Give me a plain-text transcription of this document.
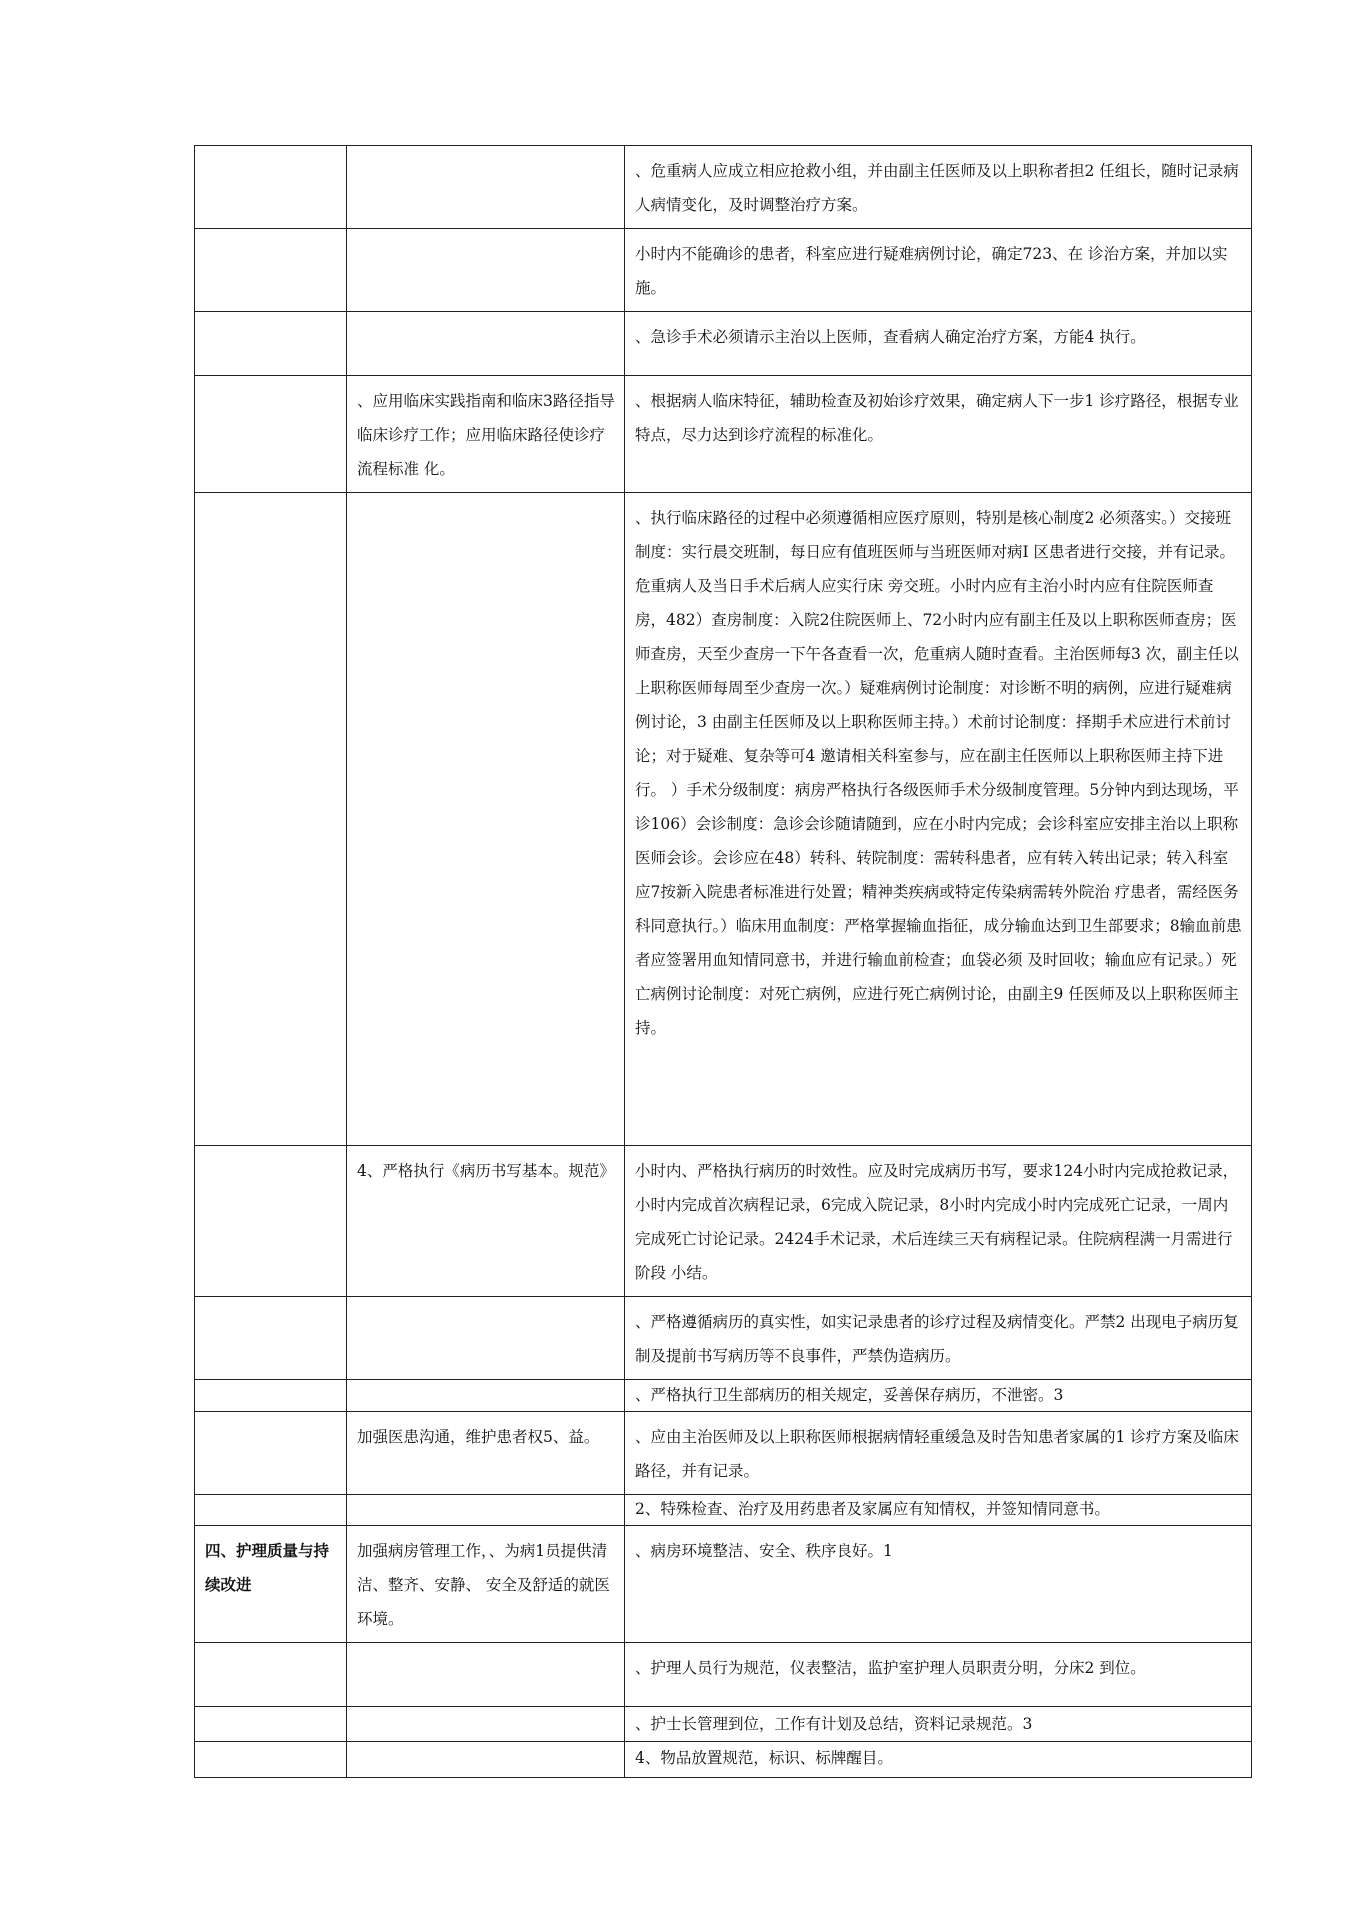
		、危重病人应成立相应抢救小组，并由副主任医师及以上职称者担2 任组长，随时记录病人病情变化，及时调整治疗方案。
		小时内不能确诊的患者，科室应进行疑难病例讨论，确定723、在 诊治方案，并加以实施。
		、急诊手术必须请示主治以上医师，查看病人确定治疗方案，方能4 执行。
	、应用临床实践指南和临床3路径指导临床诊疗工作；应用临床路径使诊疗流程标准 化。	、根据病人临床特征，辅助检查及初始诊疗效果，确定病人下一步1 诊疗路径，根据专业特点，尽力达到诊疗流程的标准化。
		、执行临床路径的过程中必须遵循相应医疗原则，特别是核心制度2 必须落实。）交接班制度：实行晨交班制，每日应有值班医师与当班医师对病I 区患者进行交接，并有记录。危重病人及当日手术后病人应实行床 旁交班。小时内应有主治小时内应有住院医师查房，482）查房制度：入院2住院医师上、72小时内应有副主任及以上职称医师查房；医师查房，天至少查房一下午各查看一次，危重病人随时查看。主治医师每3 次，副主任以上职称医师每周至少查房一次。）疑难病例讨论制度：对诊断不明的病例，应进行疑难病例讨论，3 由副主任医师及以上职称医师主持。）术前讨论制度：择期手术应进行术前讨论；对于疑难、复杂等可4 邀请相关科室参与，应在副主任医师以上职称医师主持下进行。 ）手术分级制度：病房严格执行各级医师手术分级制度管理。5分钟内到达现场，平诊106）会诊制度：急诊会诊随请随到，应在小时内完成；会诊科室应安排主治以上职称医师会诊。会诊应在48）转科、转院制度：需转科患者，应有转入转出记录；转入科室应7按新入院患者标准进行处置；精神类疾病或特定传染病需转外院治 疗患者，需经医务科同意执行。）临床用血制度：严格掌握输血指征，成分输血达到卫生部要求；8输血前患者应签署用血知情同意书，并进行输血前检查；血袋必须 及时回收；输血应有记录。）死亡病例讨论制度：对死亡病例，应进行死亡病例讨论，由副主9 任医师及以上职称医师主持。
	4、严格执行《病历书写基本。规范》	小时内、严格执行病历的时效性。应及时完成病历书写，要求124小时内完成抢救记录，小时内完成首次病程记录，6完成入院记录，8小时内完成小时内完成死亡记录，一周内完成死亡讨论记录。2424手术记录，术后连续三天有病程记录。住院病程满一月需进行阶段 小结。
		、严格遵循病历的真实性，如实记录患者的诊疗过程及病情变化。严禁2 出现电子病历复制及提前书写病历等不良事件，严禁伪造病历。
		、严格执行卫生部病历的相关规定，妥善保存病历，不泄密。3
	加强医患沟通，维护患者权5、益。	、应由主治医师及以上职称医师根据病情轻重缓急及时告知患者家属的1 诊疗方案及临床路径，并有记录。
		2、特殊检查、治疗及用药患者及家属应有知情权，并签知情同意书。
四、护理质量与持续改进	加强病房管理工作，、为病1员提供清洁、整齐、安静、 安全及舒适的就医环境。	、病房环境整洁、安全、秩序良好。1
		、护理人员行为规范，仪表整洁，监护室护理人员职责分明，分床2 到位。
		、护士长管理到位，工作有计划及总结，资料记录规范。3
		4、物品放置规范，标识、标牌醒目。
